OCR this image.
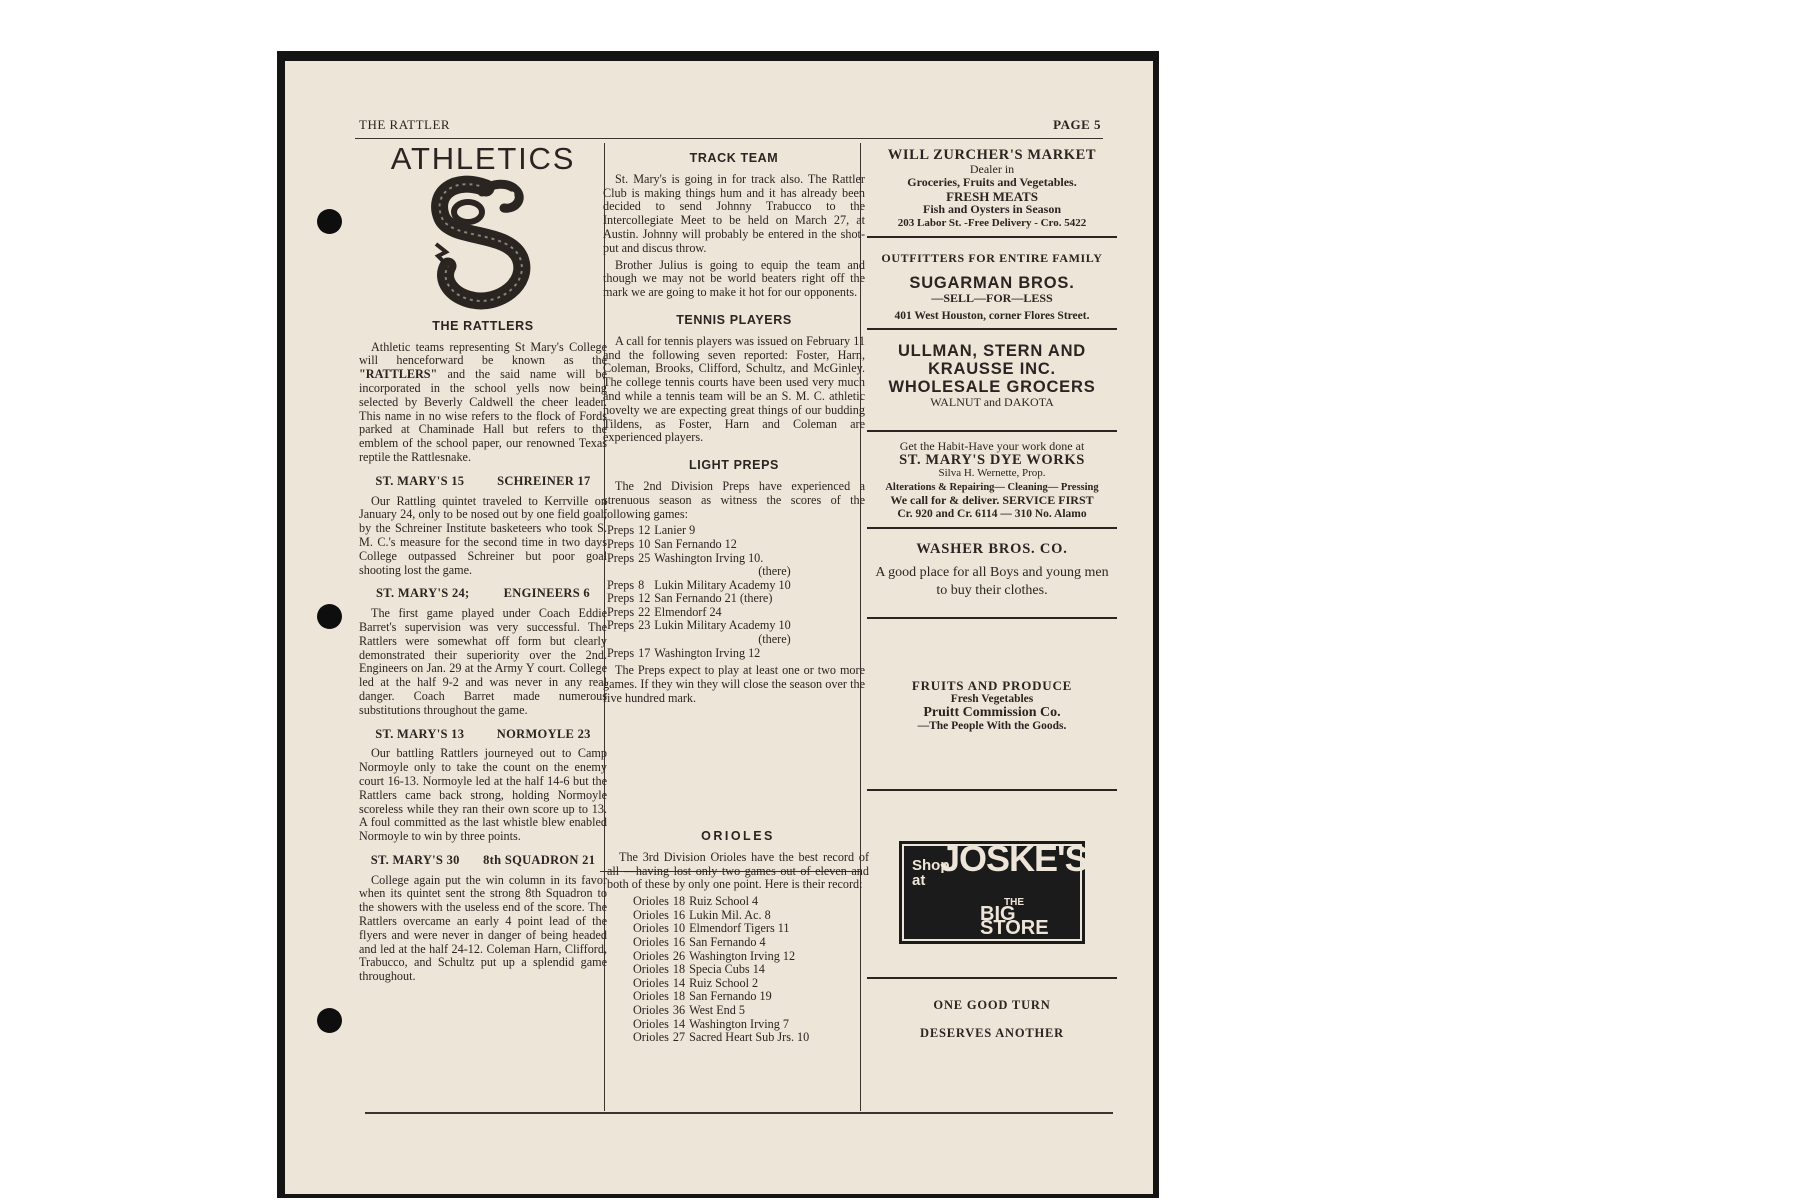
THE RATTLER	PAGE 5
ATHLETICS
THE RATTLERS

Athletic teams representing St Mary's College will henceforward be known as the "RATTLERS" and the said name will be incorporated in the school yells now being selected by Beverly Caldwell the cheer leader. This name in no wise refers to the flock of Fords parked at Chaminade Hall but refers to the emblem of the school paper, our renowned Texas reptile the Rattlesnake.

ST. MARY'S 15	SCHREINER 17

Our Rattling quintet traveled to Kerrville on January 24, only to be nosed out by one field goal, by the Schreiner Institute basketeers who took S. M. C.'s measure for the second time in two days College outpassed Schreiner but poor goal shooting lost the game.

ST. MARY'S 24;	ENGINEERS 6

The first game played under Coach Eddie Barret's supervision was very successful. The Rattlers were somewhat off form but clearly demonstrated their superiority over the 2nd. Engineers on Jan. 29 at the Army Y court. College led at the half 9-2 and was never in any real danger. Coach Barret made numerous substitutions throughout the game.

ST. MARY'S 13	NORMOYLE 23

Our battling Rattlers journeyed out to Camp Normoyle only to take the count on the enemy court 16-13. Normoyle led at the half 14-6 but the Rattlers came back strong, holding Normoyle scoreless while they ran their own score up to 13. A foul committed as the last whistle blew enabled Normoyle to win by three points.

ST. MARY'S 30 8th SQUADRON 21

College again put the win column in its favor when its quintet sent the strong 8th Squadron to the showers with the useless end of the score. The Rattlers overcame an early 4 point lead of the flyers and were never in danger of being headed and led at the half 24-12. Coleman Harn, Clifford, Trabucco, and Schultz put up a splendid game throughout.

TRACK TEAM

St. Mary's is going in for track also. The Rattler Club is making things hum and it has already been decided to send Johnny Trabucco to the Intercollegiate Meet to be held on March 27, at Austin. Johnny will probably be entered in the shot-put and discus throw.

Brother Julius is going to equip the team and though we may not be world beaters right off the mark we are going to make it hot for our opponents.

TENNIS PLAYERS

A call for tennis players was issued on February 11 and the following seven reported: Foster, Harn, Coleman, Brooks, Clifford, Schultz, and McGinley. The college tennis courts have been used very much and while a tennis team will be an S. M. C. athletic novelty we are expecting great things of our budding Tildens, as Foster, Harn and Coleman are experienced players.

LIGHT PREPS

The 2nd Division Preps have experienced a strenuous season as witness the scores of the following games:

Preps	12	Lanier 9
Preps	10	San Fernando 12
Preps	25	Washington Irving 10.
(there)		
Preps	8	Lukin Military Academy 10
Preps	12	San Fernando 21 (there)
Preps	22	Elmendorf 24
Preps	23	Lukin Military Academy 10
(there)		
Preps	17	Washington Irving 12

The Preps expect to play at least one or two more games. If they win they will close the season over the five hundred mark.

ORIOLES

The 3rd Division Orioles have the best record of all —having lost only two games out of eleven and both of these by only one point. Here is their record:

Orioles	18	Ruiz School 4
Orioles	16	Lukin Mil. Ac. 8
Orioles	10	Elmendorf Tigers 11
Orioles	16	San Fernando 4
Orioles	26	Washington Irving 12
Orioles	18	Specia Cubs 14
Orioles	14	Ruiz School 2
Orioles	18	San Fernando 19
Orioles	36	West End 5
Orioles	14	Washington Irving 7
Orioles	27	Sacred Heart Sub Jrs. 10
WILL ZURCHER'S MARKET
Dealer in
Groceries, Fruits and Vegetables.
FRESH MEATS
Fish and Oysters in Season
203 Labor St. -Free Delivery - Cro. 5422
OUTFITTERS FOR ENTIRE FAMILY
SUGARMAN BROS.
—SELL—FOR—LESS
401 West Houston, corner Flores Street.
ULLMAN, STERN AND
KRAUSSE INC.
WHOLESALE GROCERS
WALNUT and DAKOTA
Get the Habit-Have your work done at
ST. MARY'S DYE WORKS
Silva H. Wernette, Prop.
Alterations & Repairing— Cleaning— Pressing
We call for & deliver. SERVICE FIRST
Cr. 920 and Cr. 6114 — 310 No. Alamo
WASHER BROS. CO.
A good place for all Boys and young men to buy their clothes.
FRUITS AND PRODUCE
Fresh Vegetables
Pruitt Commission Co.
—The People With the Goods.
Shop
at
JOSKE'S
THE
BIG STORE
ONE GOOD TURN
DESERVES ANOTHER
